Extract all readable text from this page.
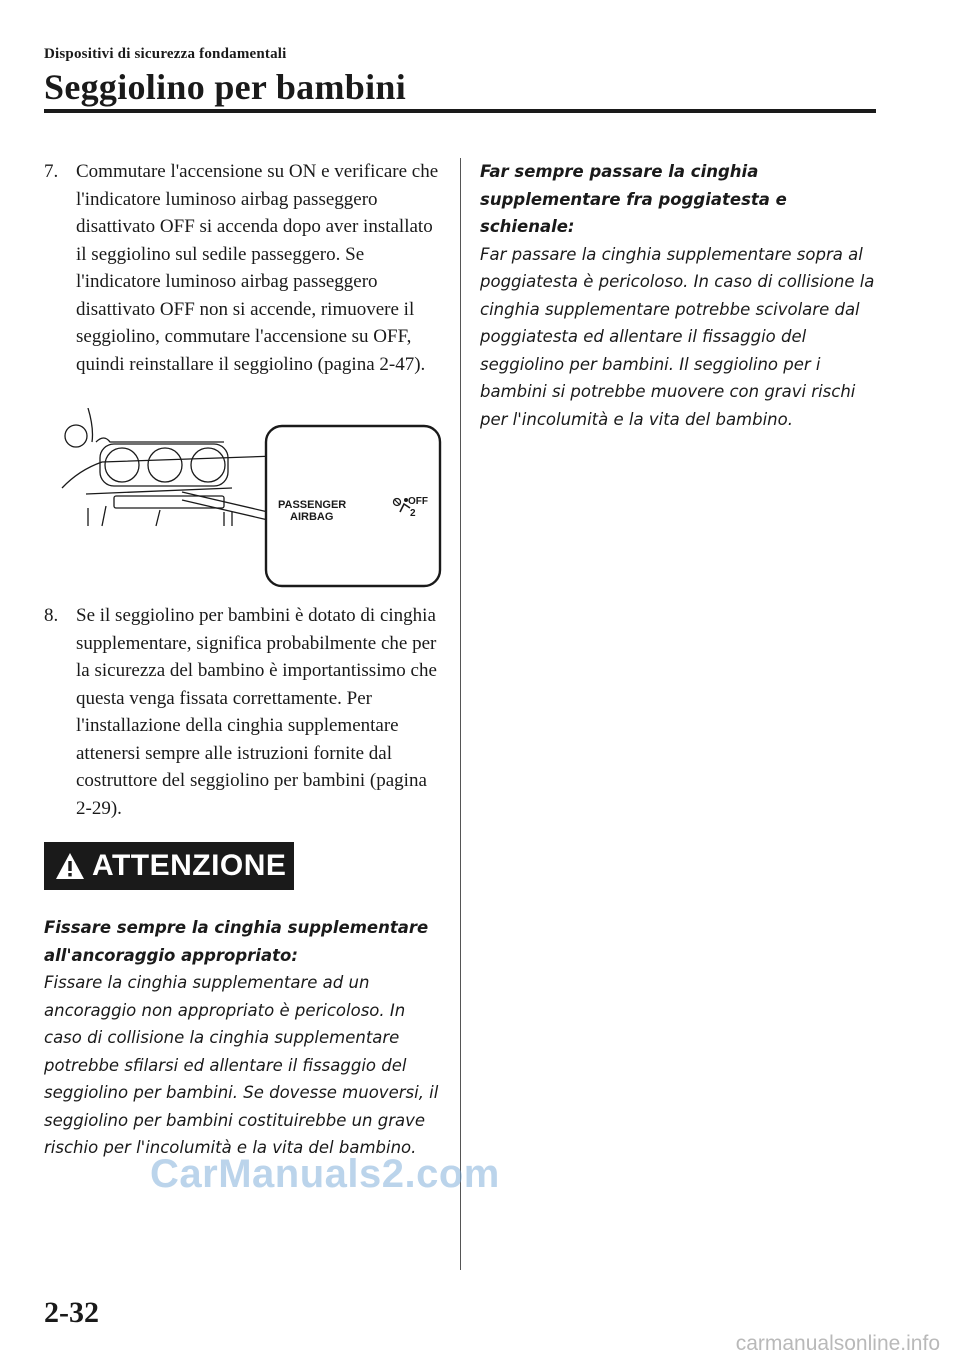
Dispositivi di sicurezza fondamentali
Seggiolino per bambini
7. Commutare l'accensione su ON e verificare che l'indicatore luminoso airbag passeggero disattivato OFF si accenda dopo aver installato il seggiolino sul sedile passeggero. Se l'indicatore luminoso airbag passeggero disattivato OFF non si accende, rimuovere il seggiolino, commutare l'accensione su OFF, quindi reinstallare il seggiolino (pagina 2-47).
PASSENGER
AIRBAG
OFF
2
8. Se il seggiolino per bambini è dotato di cinghia supplementare, significa probabilmente che per la sicurezza del bambino è importantissimo che questa venga fissata correttamente. Per l'installazione della cinghia supplementare attenersi sempre alle istruzioni fornite dal costruttore del seggiolino per bambini (pagina 2-29).
ATTENZIONE
Fissare sempre la cinghia supplementare all'ancoraggio appropriato:
Fissare la cinghia supplementare ad un ancoraggio non appropriato è pericoloso. In caso di collisione la cinghia supplementare potrebbe sfilarsi ed allentare il fissaggio del seggiolino per bambini. Se dovesse muoversi, il seggiolino per bambini costituirebbe un grave rischio per l'incolumità e la vita del bambino.
Far sempre passare la cinghia supplementare fra poggiatesta e schienale:
Far passare la cinghia supplementare sopra al poggiatesta è pericoloso. In caso di collisione la cinghia supplementare potrebbe scivolare dal poggiatesta ed allentare il fissaggio del seggiolino per bambini. Il seggiolino per i bambini si potrebbe muovere con gravi rischi per l'incolumità e la vita del bambino.
CarManuals2.com
2-32
carmanualsonline.info
